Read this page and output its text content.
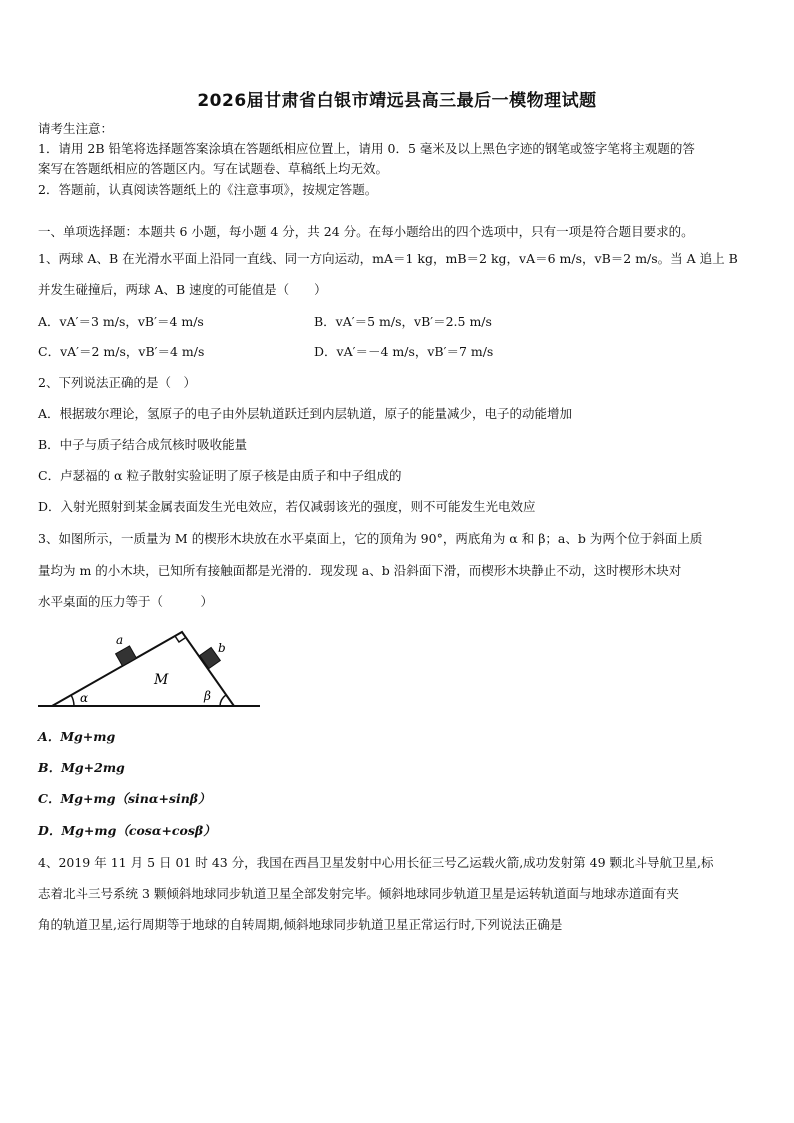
2026届甘肃省白银市靖远县高三最后一模物理试题
请考生注意：
1．请用 2B 铅笔将选择题答案涂填在答题纸相应位置上，请用 0．5 毫米及以上黑色字迹的钢笔或签字笔将主观题的答
案写在答题纸相应的答题区内。写在试题卷、草稿纸上均无效。
2．答题前，认真阅读答题纸上的《注意事项》，按规定答题。
一、单项选择题：本题共 6 小题，每小题 4 分，共 24 分。在每小题给出的四个选项中，只有一项是符合题目要求的。
1、两球 A、B 在光滑水平面上沿同一直线、同一方向运动，mA＝1 kg，mB＝2 kg，vA＝6 m/s，vB＝2 m/s。当 A 追上 B
并发生碰撞后，两球 A、B 速度的可能值是（　　）
A．vA′＝3 m/s，vB′＝4 m/s	B．vA′＝5 m/s，vB′＝2.5 m/s
C．vA′＝2 m/s，vB′＝4 m/s	D．vA′＝－4 m/s，vB′＝7 m/s
2、下列说法正确的是（　）
A．根据玻尔理论，氢原子的电子由外层轨道跃迁到内层轨道，原子的能量减少，电子的动能增加
B．中子与质子结合成氘核时吸收能量
C．卢瑟福的 α 粒子散射实验证明了原子核是由质子和中子组成的
D．入射光照射到某金属表面发生光电效应，若仅减弱该光的强度，则不可能发生光电效应
3、如图所示，一质量为 M 的楔形木块放在水平桌面上，它的顶角为 90°，两底角为 α 和 β；a、b 为两个位于斜面上质
量均为 m 的小木块，已知所有接触面都是光滑的．现发现 a、b 沿斜面下滑，而楔形木块静止不动，这时楔形木块对
水平桌面的压力等于（　　　）
a
b
M
α	β
A．Mg+mg
B．Mg+2mg
C．Mg+mg（sinα+sinβ）
D．Mg+mg（cosα+cosβ）
4、2019 年 11 月 5 日 01 时 43 分，我国在西昌卫星发射中心用长征三号乙运载火箭,成功发射第 49 颗北斗导航卫星,标
志着北斗三号系统 3 颗倾斜地球同步轨道卫星全部发射完毕。倾斜地球同步轨道卫星是运转轨道面与地球赤道面有夹
角的轨道卫星,运行周期等于地球的自转周期,倾斜地球同步轨道卫星正常运行时,下列说法正确是
